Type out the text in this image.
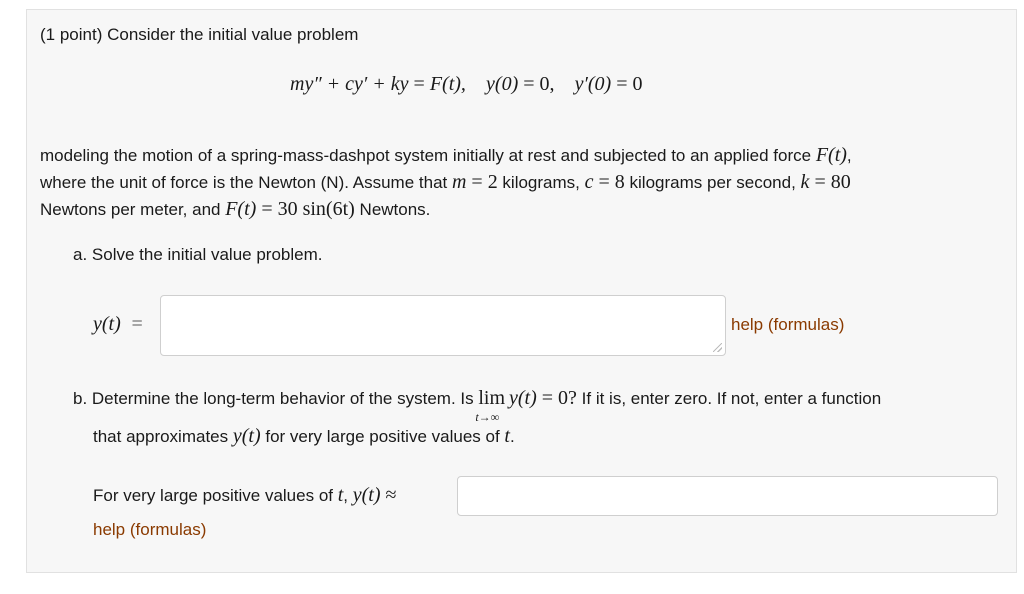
(1 point) Consider the initial value problem
my″ + cy′ + ky = F(t), y(0) = 0, y′(0) = 0
modeling the motion of a spring-mass-dashpot system initially at rest and subjected to an applied force F(t),
where the unit of force is the Newton (N). Assume that m = 2 kilograms, c = 8 kilograms per second, k = 80
Newtons per meter, and F(t) = 30 sin(6t) Newtons.
a. Solve the initial value problem.
y(t) =	help (formulas)
b. Determine the long-term behavior of the system. Is lim
t→∞
y(t) = 0? If it is, enter zero. If not, enter a function
that approximates y(t) for very large positive values of t.
For very large positive values of t, y(t) ≈
help (formulas)
